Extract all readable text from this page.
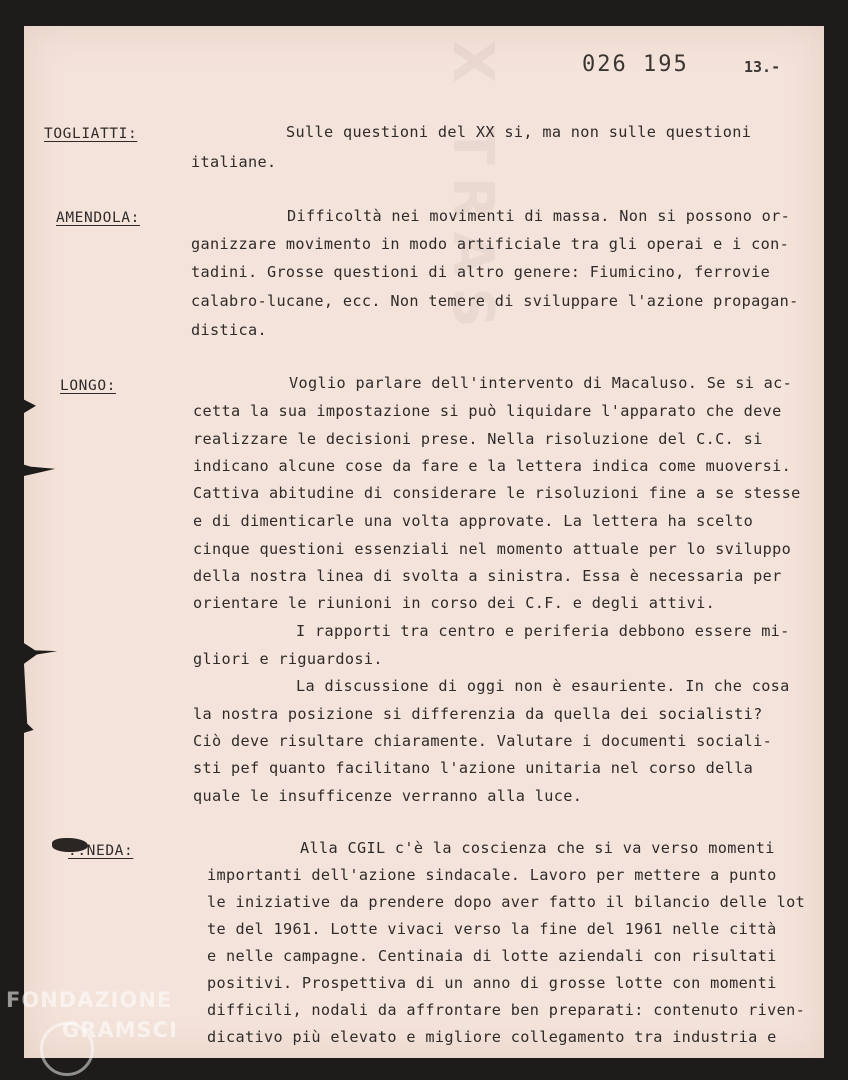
026 195	13.-
TOGLIATTI:	Sulle questioni del XX si, ma non sulle questioni
italiane.
AMENDOLA:	Difficoltà nei movimenti di massa. Non si possono or-
ganizzare movimento in modo artificiale tra gli operai e i con-
tadini. Grosse questioni di altro genere: Fiumicino, ferrovie
calabro-lucane, ecc. Non temere di sviluppare l'azione propagan-
distica.
LONGO:	Voglio parlare dell'intervento di Macaluso. Se si ac-
cetta la sua impostazione si può liquidare l'apparato che deve
realizzare le decisioni prese. Nella risoluzione del C.C. si
indicano alcune cose da fare e la lettera indica come muoversi.
Cattiva abitudine di considerare le risoluzioni fine a se stesse
e di dimenticarle una volta approvate. La lettera ha scelto
cinque questioni essenziali nel momento attuale per lo sviluppo
della nostra linea di svolta a sinistra. Essa è necessaria per
orientare le riunioni in corso dei C.F. e degli attivi.
I rapporti tra centro e periferia debbono essere mi-
gliori e riguardosi.
La discussione di oggi non è esauriente. In che cosa
la nostra posizione si differenzia da quella dei socialisti?
Ciò deve risultare chiaramente. Valutare i documenti sociali-
sti pef quanto facilitano l'azione unitaria nel corso della
quale le insufficenze verranno alla luce.
..NEDA:	Alla CGIL c'è la coscienza che si va verso momenti
importanti dell'azione sindacale. Lavoro per mettere a punto
le iniziative da prendere dopo aver fatto il bilancio delle lot
te del 1961. Lotte vivaci verso la fine del 1961 nelle città
e nelle campagne. Centinaia di lotte aziendali con risultati
positivi. Prospettiva di un anno di grosse lotte con momenti
difficili, nodali da affrontare ben preparati: contenuto riven-
dicativo più elevato e migliore collegamento tra industria e
FONDAZIONE
GRAMSCI
